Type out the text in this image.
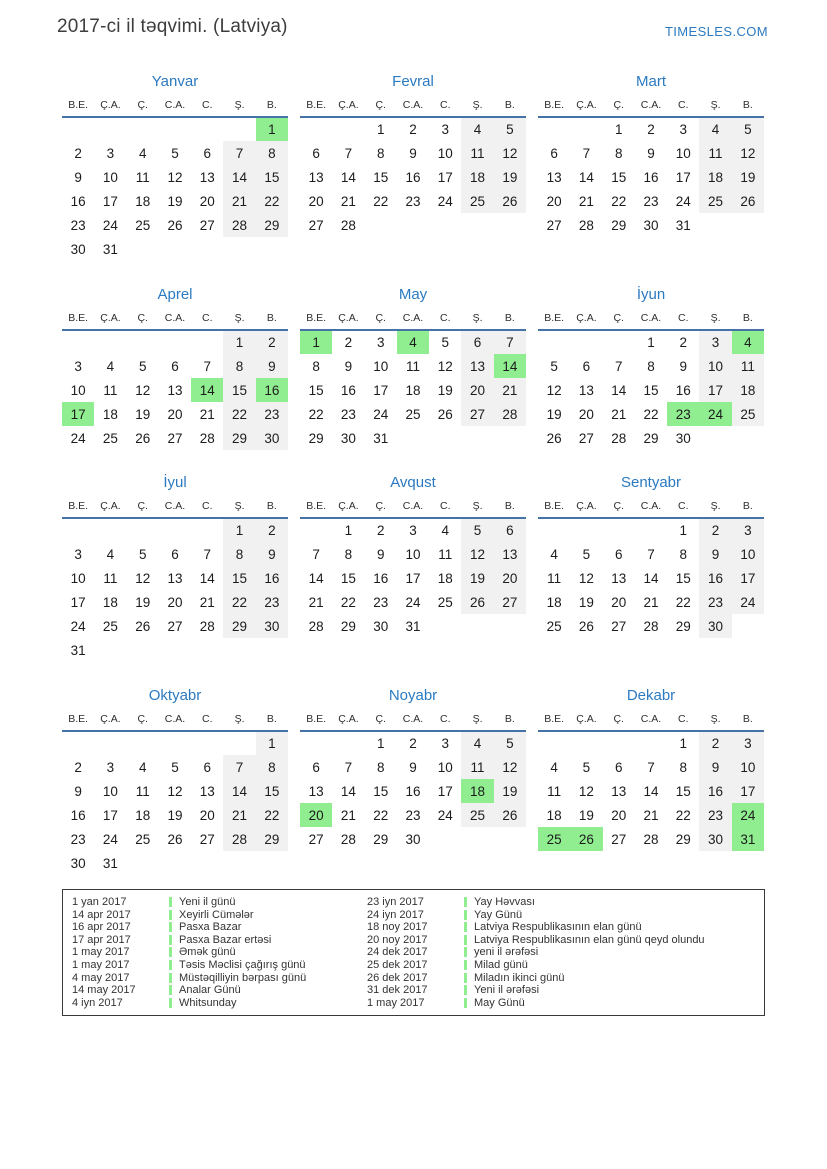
2017-ci il təqvimi. (Latviya)	TIMESLES.COM
Yanvar
B.E.	Ç.A.	Ç.	C.A.	C.	Ş.	B.
						1
2	3	4	5	6	7	8
9	10	11	12	13	14	15
16	17	18	19	20	21	22
23	24	25	26	27	28	29
30	31					
Fevral
B.E.	Ç.A.	Ç.	C.A.	C.	Ş.	B.
		1	2	3	4	5
6	7	8	9	10	11	12
13	14	15	16	17	18	19
20	21	22	23	24	25	26
27	28					
Mart
B.E.	Ç.A.	Ç.	C.A.	C.	Ş.	B.
		1	2	3	4	5
6	7	8	9	10	11	12
13	14	15	16	17	18	19
20	21	22	23	24	25	26
27	28	29	30	31		
Aprel
B.E.	Ç.A.	Ç.	C.A.	C.	Ş.	B.
					1	2
3	4	5	6	7	8	9
10	11	12	13	14	15	16
17	18	19	20	21	22	23
24	25	26	27	28	29	30
May
B.E.	Ç.A.	Ç.	C.A.	C.	Ş.	B.
1	2	3	4	5	6	7
8	9	10	11	12	13	14
15	16	17	18	19	20	21
22	23	24	25	26	27	28
29	30	31				
İyun
B.E.	Ç.A.	Ç.	C.A.	C.	Ş.	B.
			1	2	3	4
5	6	7	8	9	10	11
12	13	14	15	16	17	18
19	20	21	22	23	24	25
26	27	28	29	30		
İyul
B.E.	Ç.A.	Ç.	C.A.	C.	Ş.	B.
					1	2
3	4	5	6	7	8	9
10	11	12	13	14	15	16
17	18	19	20	21	22	23
24	25	26	27	28	29	30
31						
Avqust
B.E.	Ç.A.	Ç.	C.A.	C.	Ş.	B.
	1	2	3	4	5	6
7	8	9	10	11	12	13
14	15	16	17	18	19	20
21	22	23	24	25	26	27
28	29	30	31			
Sentyabr
B.E.	Ç.A.	Ç.	C.A.	C.	Ş.	B.
				1	2	3
4	5	6	7	8	9	10
11	12	13	14	15	16	17
18	19	20	21	22	23	24
25	26	27	28	29	30	
Oktyabr
B.E.	Ç.A.	Ç.	C.A.	C.	Ş.	B.
						1
2	3	4	5	6	7	8
9	10	11	12	13	14	15
16	17	18	19	20	21	22
23	24	25	26	27	28	29
30	31					
Noyabr
B.E.	Ç.A.	Ç.	C.A.	C.	Ş.	B.
		1	2	3	4	5
6	7	8	9	10	11	12
13	14	15	16	17	18	19
20	21	22	23	24	25	26
27	28	29	30			
Dekabr
B.E.	Ç.A.	Ç.	C.A.	C.	Ş.	B.
				1	2	3
4	5	6	7	8	9	10
11	12	13	14	15	16	17
18	19	20	21	22	23	24
25	26	27	28	29	30	31
1 yan 2017	Yeni il günü
14 apr 2017	Xeyirli Cümələr
16 apr 2017	Pasxa Bazar
17 apr 2017	Pasxa Bazar ertəsi
1 may 2017	Əmək günü
1 may 2017	Təsis Məclisi çağırış günü
4 may 2017	Müstəqilliyin bərpası günü
14 may 2017	Analar Günü
4 iyn 2017	Whitsunday
23 iyn 2017	Yay Həvvası
24 iyn 2017	Yay Günü
18 noy 2017	Latviya Respublikasının elan günü
20 noy 2017	Latviya Respublikasının elan günü qeyd olundu
24 dek 2017	yeni il ərəfəsi
25 dek 2017	Milad günü
26 dek 2017	Miladın ikinci günü
31 dek 2017	Yeni il ərəfəsi
1 may 2017	May Günü
